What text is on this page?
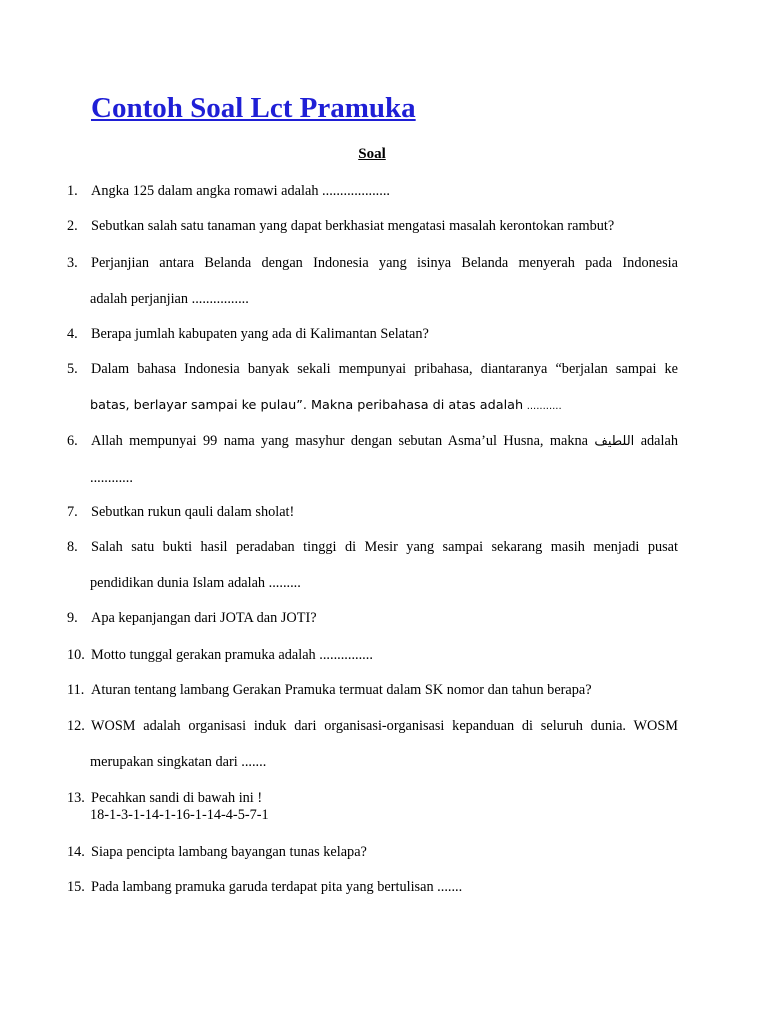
Contoh Soal Lct Pramuka
Soal
1. Angka 125 dalam angka romawi adalah ...................
2. Sebutkan salah satu tanaman yang dapat berkhasiat mengatasi masalah kerontokan rambut?
3. Perjanjian antara Belanda dengan Indonesia yang isinya Belanda menyerah pada Indonesia
adalah perjanjian ................
4. Berapa jumlah kabupaten yang ada di Kalimantan Selatan?
5. Dalam bahasa Indonesia banyak sekali mempunyai pribahasa, diantaranya “berjalan sampai ke
batas, berlayar sampai ke pulau”. Makna peribahasa di atas adalah ...........
6. Allah mempunyai 99 nama yang masyhur dengan sebutan Asma’ul Husna, makna اللطيف adalah
............
7. Sebutkan rukun qauli dalam sholat!
8. Salah satu bukti hasil peradaban tinggi di Mesir yang sampai sekarang masih menjadi pusat
pendidikan dunia Islam adalah .........
9. Apa kepanjangan dari JOTA dan JOTI?
10. Motto tunggal gerakan pramuka adalah ...............
11. Aturan tentang lambang Gerakan Pramuka termuat dalam SK nomor dan tahun berapa?
12. WOSM adalah organisasi induk dari organisasi-organisasi kepanduan di seluruh dunia. WOSM
merupakan singkatan dari .......
13. Pecahkan sandi di bawah ini !
18-1-3-1-14-1-16-1-14-4-5-7-1
14. Siapa pencipta lambang bayangan tunas kelapa?
15. Pada lambang pramuka garuda terdapat pita yang bertulisan .......
